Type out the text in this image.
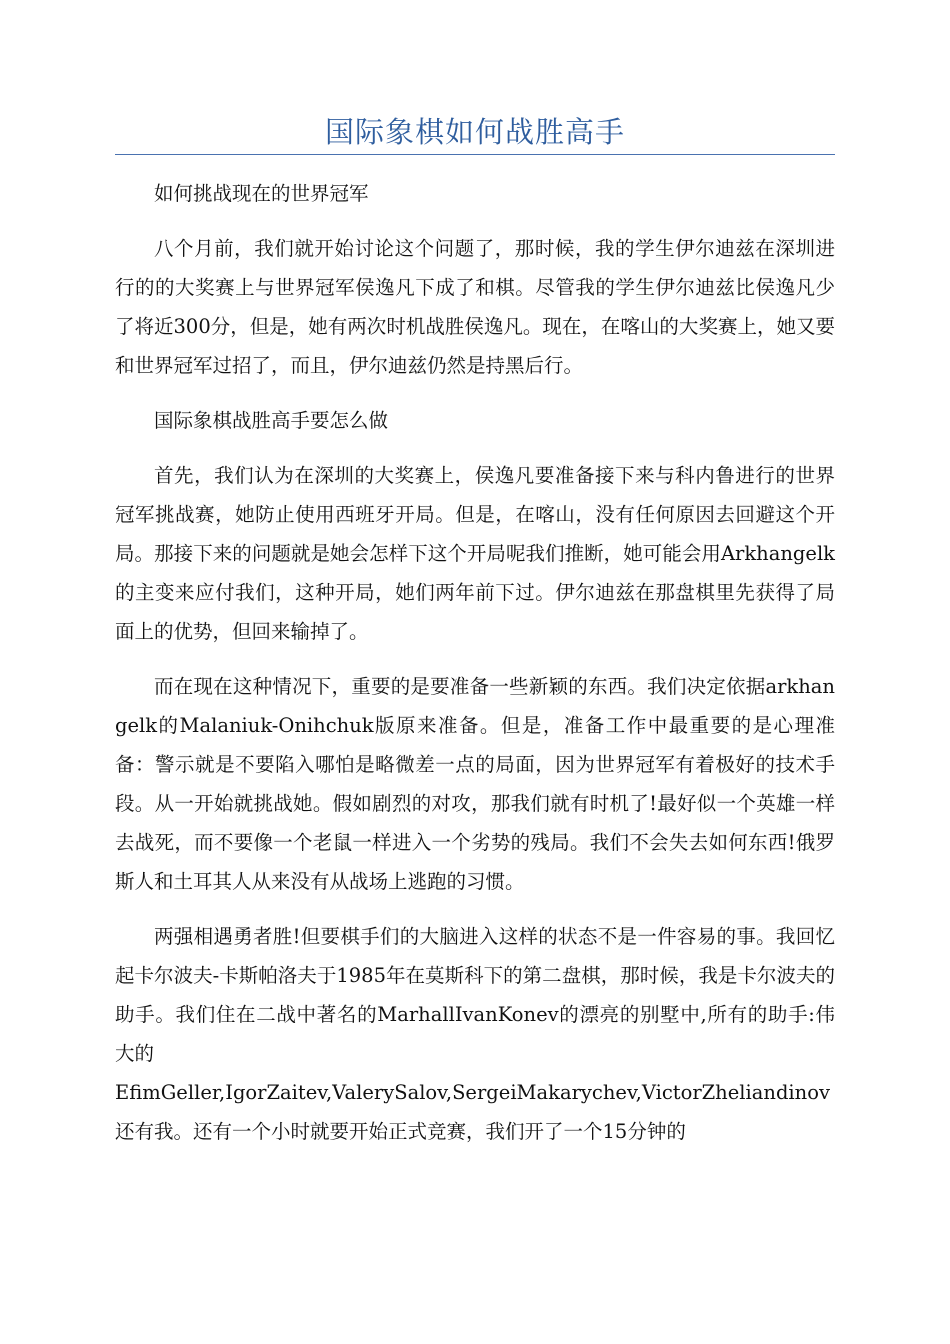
国际象棋如何战胜高手

如何挑战现在的世界冠军

八个月前，我们就开始讨论这个问题了，那时候，我的学生伊尔迪兹在深圳进行的的大奖赛上与世界冠军侯逸凡下成了和棋。尽管我的学生伊尔迪兹比侯逸凡少了将近300分，但是，她有两次时机战胜侯逸凡。现在，在喀山的大奖赛上，她又要和世界冠军过招了，而且，伊尔迪兹仍然是持黑后行。

国际象棋战胜高手要怎么做

首先，我们认为在深圳的大奖赛上，侯逸凡要准备接下来与科内鲁进行的世界冠军挑战赛，她防止使用西班牙开局。但是，在喀山，没有任何原因去回避这个开局。那接下来的问题就是她会怎样下这个开局呢我们推断，她可能会用Arkhangelk的主变来应付我们，这种开局，她们两年前下过。伊尔迪兹在那盘棋里先获得了局面上的优势，但回来输掉了。

而在现在这种情况下，重要的是要准备一些新颖的东西。我们决定依据arkhangelk的Malaniuk-Onihchuk版原来准备。但是，准备工作中最重要的是心理准备：警示就是不要陷入哪怕是略微差一点的局面，因为世界冠军有着极好的技术手段。从一开始就挑战她。假如剧烈的对攻，那我们就有时机了!最好似一个英雄一样去战死，而不要像一个老鼠一样进入一个劣势的残局。我们不会失去如何东西!俄罗斯人和土耳其人从来没有从战场上逃跑的习惯。

两强相遇勇者胜!但要棋手们的大脑进入这样的状态不是一件容易的事。我回忆起卡尔波夫-卡斯帕洛夫于1985年在莫斯科下的第二盘棋，那时候，我是卡尔波夫的助手。我们住在二战中著名的MarhallIvanKonev的漂亮的别墅中,所有的助手:伟大的

EfimGeller,IgorZaitev,ValerySalov,SergeiMakarychev,VictorZheliandinov还有我。还有一个小时就要开始正式竞赛，我们开了一个15分钟的
